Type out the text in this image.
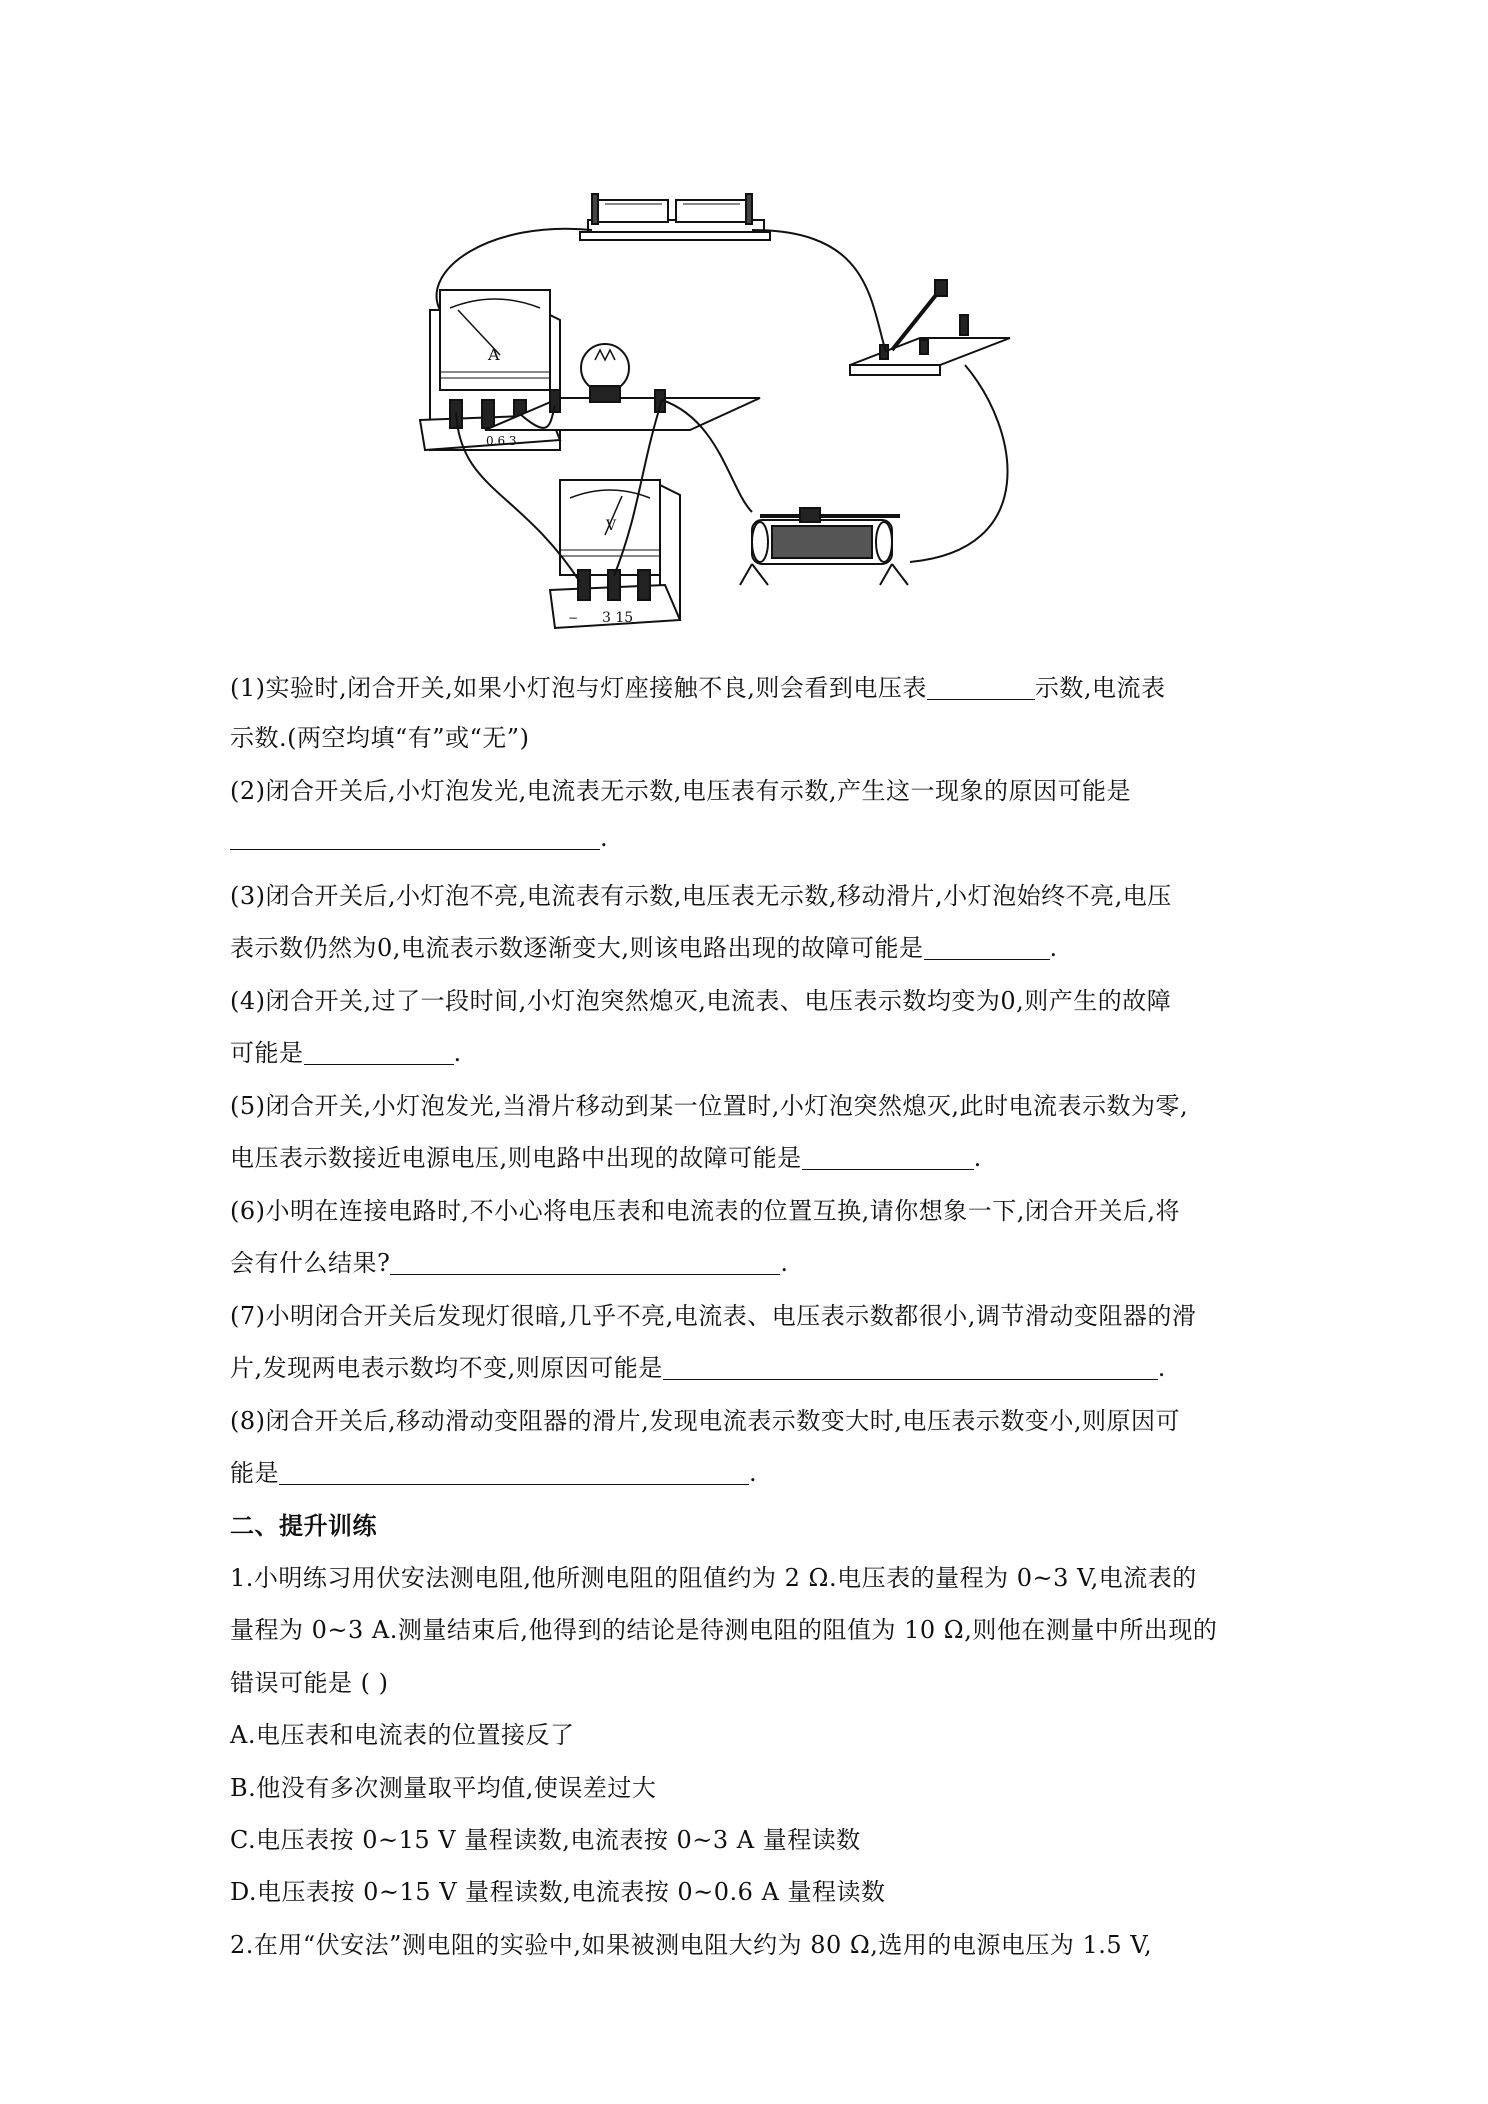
A
0.6 3
V
− 3 15
(1)实验时,闭合开关,如果小灯泡与灯座接触不良,则会看到电压表	示数,电流表
示数.(两空均填“有”或“无”)
(2)闭合开关后,小灯泡发光,电流表无示数,电压表有示数,产生这一现象的原因可能是
.
(3)闭合开关后,小灯泡不亮,电流表有示数,电压表无示数,移动滑片,小灯泡始终不亮,电压
表示数仍然为0,电流表示数逐渐变大,则该电路出现的故障可能是	.
(4)闭合开关,过了一段时间,小灯泡突然熄灭,电流表、电压表示数均变为0,则产生的故障
可能是	.
(5)闭合开关,小灯泡发光,当滑片移动到某一位置时,小灯泡突然熄灭,此时电流表示数为零,
电压表示数接近电源电压,则电路中出现的故障可能是	.
(6)小明在连接电路时,不小心将电压表和电流表的位置互换,请你想象一下,闭合开关后,将
会有什么结果?	.
(7)小明闭合开关后发现灯很暗,几乎不亮,电流表、电压表示数都很小,调节滑动变阻器的滑
片,发现两电表示数均不变,则原因可能是	.
(8)闭合开关后,移动滑动变阻器的滑片,发现电流表示数变大时,电压表示数变小,则原因可
能是	.
二、提升训练
1.小明练习用伏安法测电阻,他所测电阻的阻值约为 2 Ω.电压表的量程为 0~3 V,电流表的
量程为 0~3 A.测量结束后,他得到的结论是待测电阻的阻值为 10 Ω,则他在测量中所出现的
错误可能是 ( )
A.电压表和电流表的位置接反了
B.他没有多次测量取平均值,使误差过大
C.电压表按 0~15 V 量程读数,电流表按 0~3 A 量程读数
D.电压表按 0~15 V 量程读数,电流表按 0~0.6 A 量程读数
2.在用“伏安法”测电阻的实验中,如果被测电阻大约为 80 Ω,选用的电源电压为 1.5 V,
